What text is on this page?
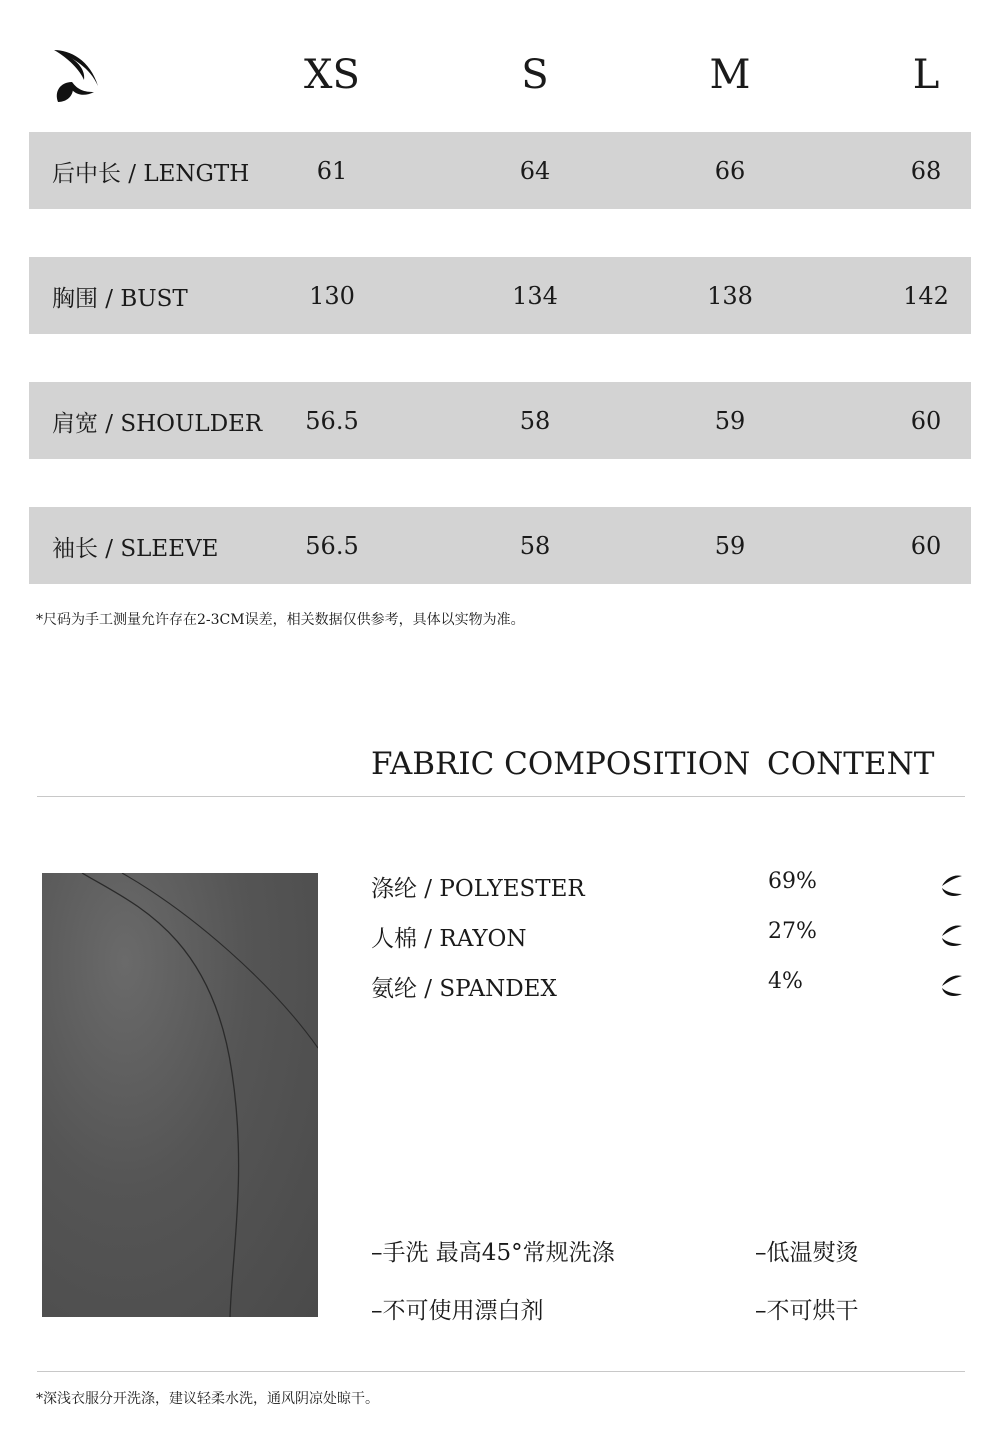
XS	S	M	L
后中长 / LENGTH	61	64	66	68
胸围 / BUST	130	134	138	142
肩宽 / SHOULDER	56.5	58	59	60
袖长 / SLEEVE	56.5	58	59	60
*尺码为手工测量允许存在2-3CM误差，相关数据仅供参考，具体以实物为准。
FABRIC COMPOSITION CONTENT
涤纶 / POLYESTER	69%
人棉 / RAYON	27%
氨纶 / SPANDEX	4%
–手洗 最高45°常规洗涤	–低温熨烫
–不可使用漂白剂	–不可烘干
*深浅衣服分开洗涤，建议轻柔水洗，通风阴凉处晾干。
